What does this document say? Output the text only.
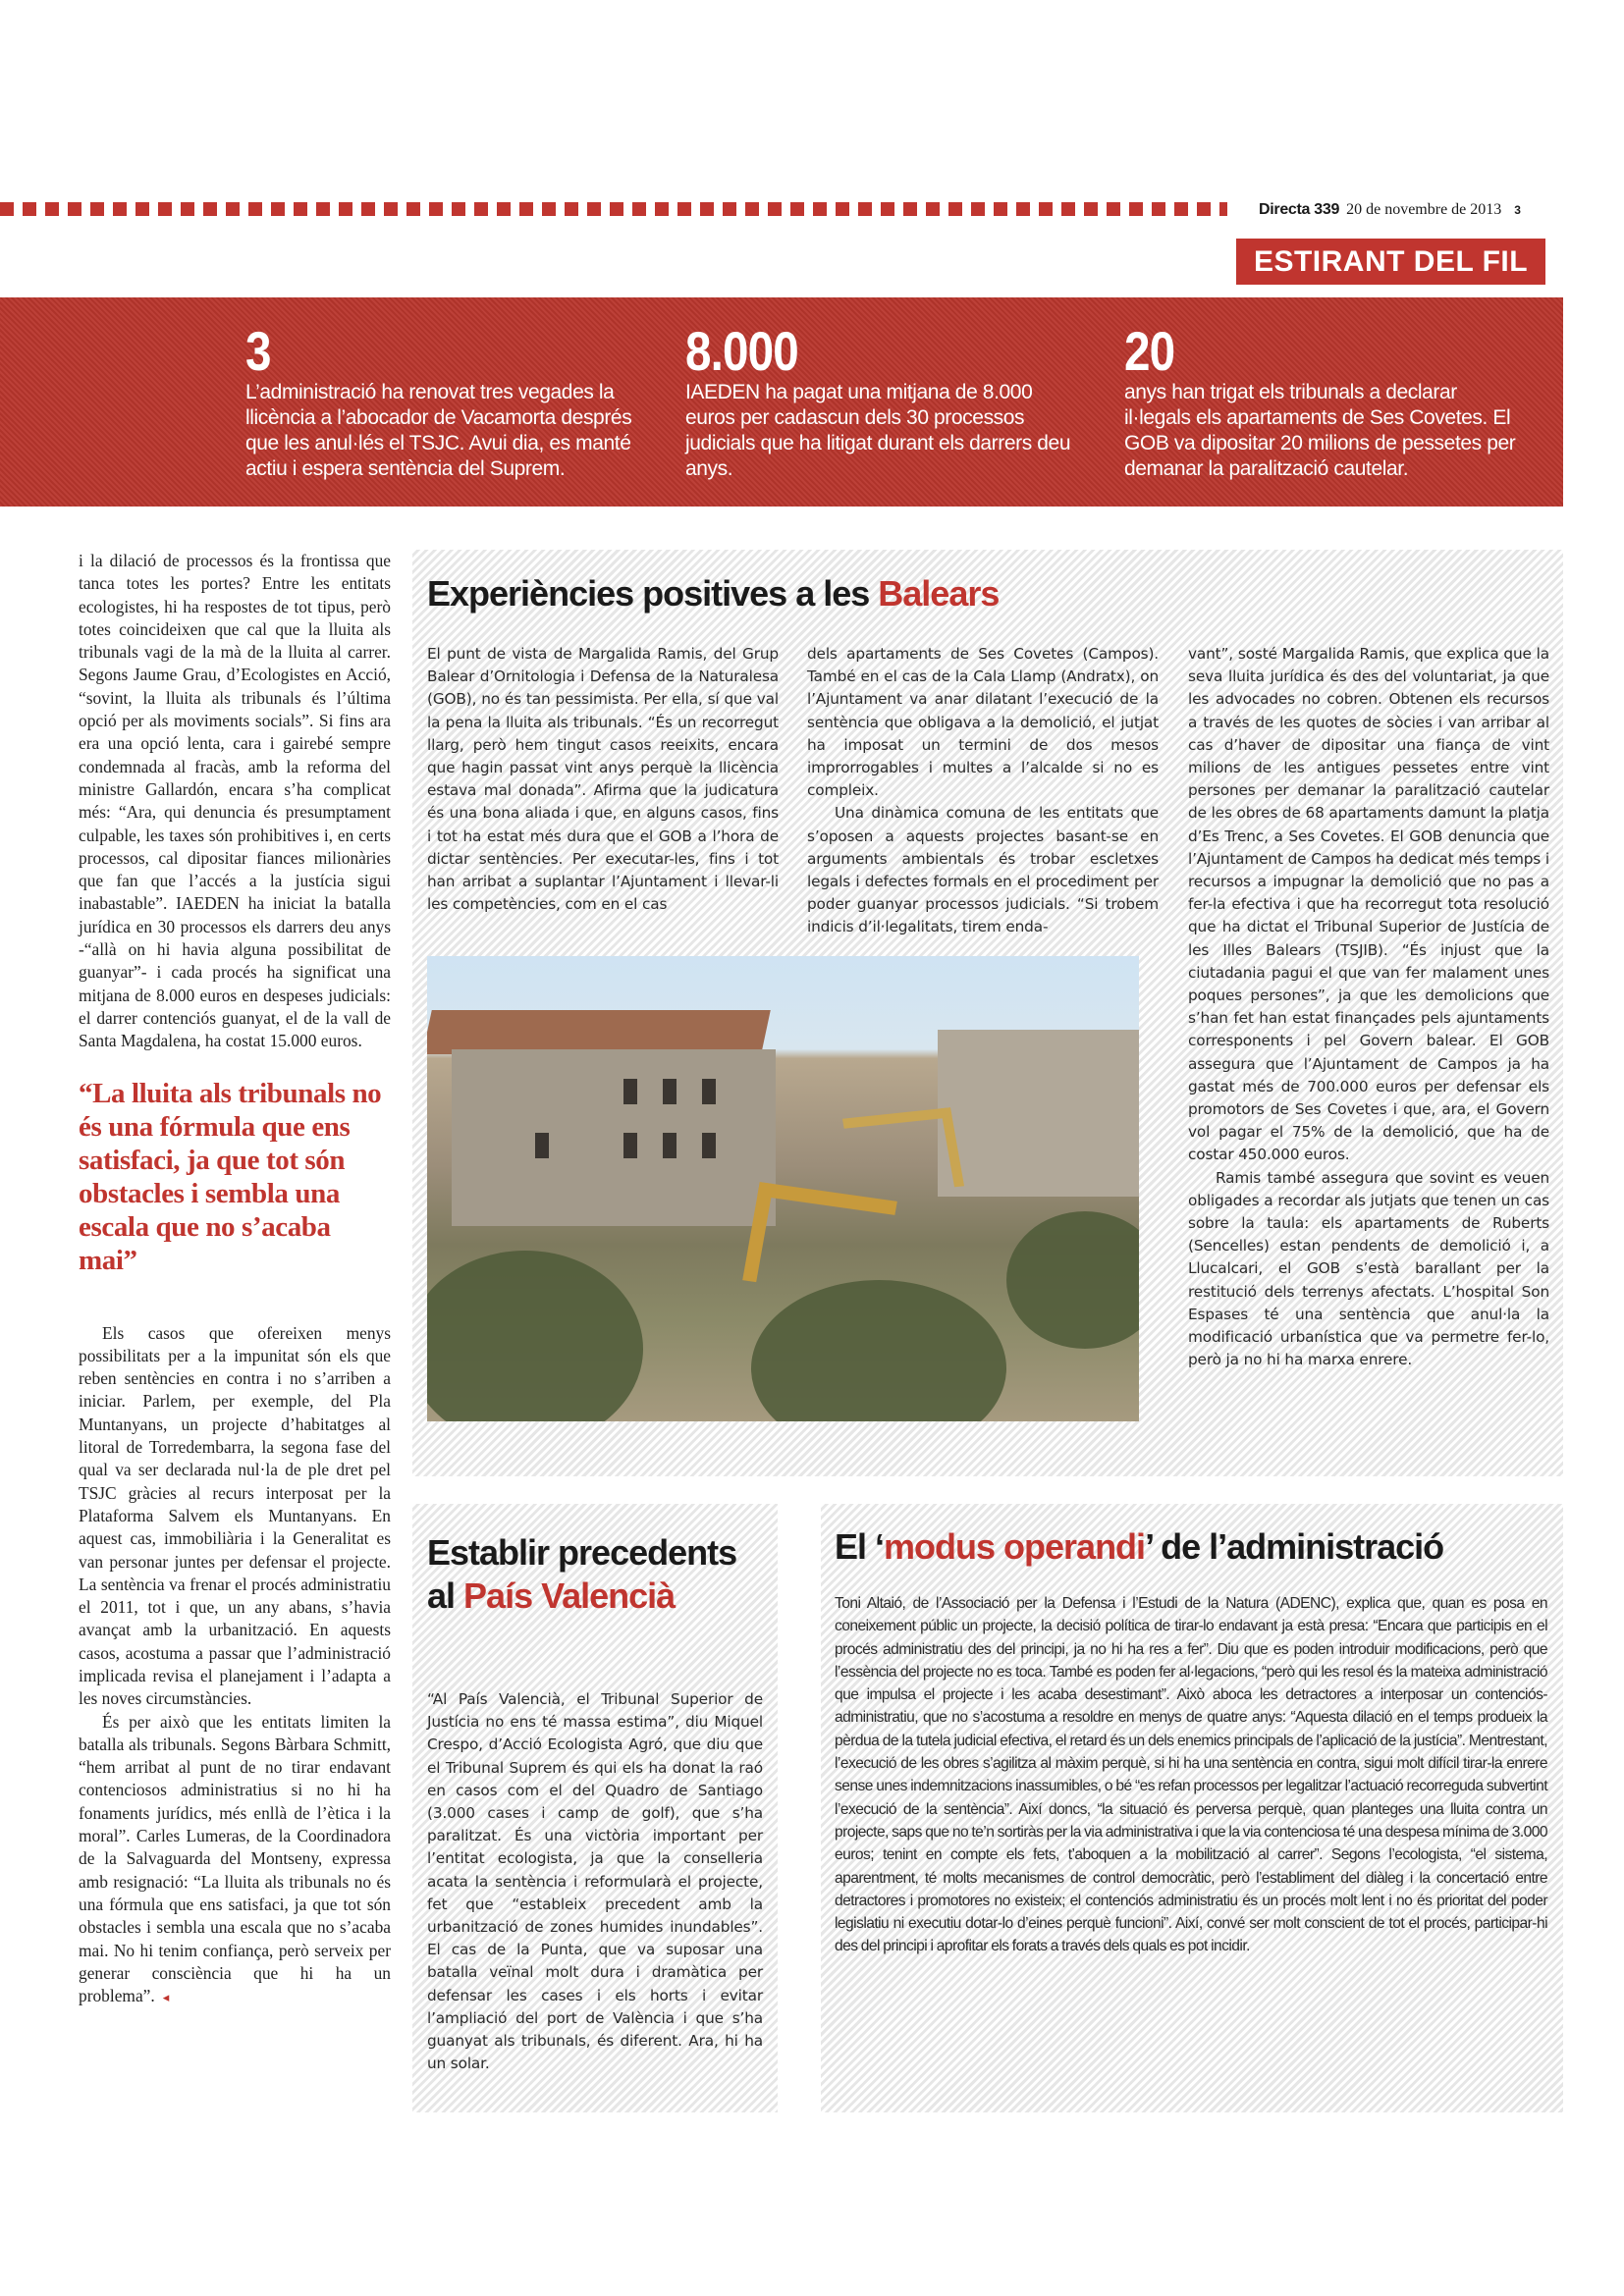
Directa 339 20 de novembre de 2013 3
ESTIRANT DEL FIL
3
L’administració ha renovat tres vegades la llicència a l’abocador de Vacamorta després que les anul·lés el TSJC. Avui dia, es manté actiu i espera sentència del Suprem.
8.000
IAEDEN ha pagat una mitjana de 8.000 euros per cadascun dels 30 processos judicials que ha litigat durant els darrers deu anys.
20
anys han trigat els tribunals a declarar il·legals els apartaments de Ses Covetes. El GOB va dipositar 20 milions de pessetes per demanar la paralització cautelar.

i la dilació de processos és la frontissa que tanca totes les portes? Entre les entitats ecologistes, hi ha respostes de tot tipus, però totes coincideixen que cal que la lluita als tribunals vagi de la mà de la lluita al carrer. Segons Jaume Grau, d’Ecologistes en Acció, “sovint, la lluita als tribunals és l’última opció per als moviments socials”. Si fins ara era una opció lenta, cara i gairebé sempre condemnada al fracàs, amb la reforma del ministre Gallardón, encara s’ha complicat més: “Ara, qui denuncia és presumptament culpable, les taxes són prohibitives i, en certs processos, cal dipositar fiances milionàries que fan que l’accés a la justícia sigui inabastable”. IAEDEN ha iniciat la batalla jurídica en 30 processos els darrers deu anys -“allà on hi havia alguna possibilitat de guanyar”- i cada procés ha significat una mitjana de 8.000 euros en despeses judicials: el darrer contenciós guanyat, el de la vall de Santa Magdalena, ha costat 15.000 euros.

“La lluita als tribunals no és una fórmula que ens satisfaci, ja que tot són obstacles i sembla una escala que no s’acaba mai”

Els casos que ofereixen menys possibilitats per a la impunitat són els que reben sentències en contra i no s’arriben a iniciar. Parlem, per exemple, del Pla Muntanyans, un projecte d’habitatges al litoral de Torredembarra, la segona fase del qual va ser declarada nul·la de ple dret pel TSJC gràcies al recurs interposat per la Plataforma Salvem els Muntanyans. En aquest cas, immobiliària i la Generalitat es van personar juntes per defensar el projecte. La sentència va frenar el procés administratiu el 2011, tot i que, un any abans, s’havia avançat amb la urbanització. En aquests casos, acostuma a passar que l’administració implicada revisa el planejament i l’adapta a les noves circumstàncies.

És per això que les entitats limiten la batalla als tribunals. Segons Bàrbara Schmitt, “hem arribat al punt de no tirar endavant contenciosos administratius si no hi ha fonaments jurídics, més enllà de l’ètica i la moral”. Carles Lumeras, de la Coordinadora de la Salvaguarda del Montseny, expressa amb resignació: “La lluita als tribunals no és una fórmula que ens satisfaci, ja que tot són obstacles i sembla una escala que no s’acaba mai. No hi tenim confiança, però serveix per generar consciència que hi ha un problema”. ◂

Experiències positives a les Balears

El punt de vista de Margalida Ramis, del Grup Balear d’Ornitologia i Defensa de la Naturalesa (GOB), no és tan pessimista. Per ella, sí que val la pena la lluita als tribunals. “És un recorregut llarg, però hem tingut casos reeixits, encara que hagin passat vint anys perquè la llicència estava mal donada”. Afirma que la judicatura és una bona aliada i que, en alguns casos, fins i tot ha estat més dura que el GOB a l’hora de dictar sentències. Per executar-les, fins i tot han arribat a suplantar l’Ajuntament i llevar-li les competències, com en el cas

dels apartaments de Ses Covetes (Campos). També en el cas de la Cala Llamp (Andratx), on l’Ajuntament va anar dilatant l’execució de la sentència que obligava a la demolició, el jutjat ha imposat un termini de dos mesos improrrogables i multes a l’alcalde si no es compleix.

Una dinàmica comuna de les entitats que s’oposen a aquests projectes basant-se en arguments ambientals és trobar escletxes legals i defectes formals en el procediment per poder guanyar processos judicials. “Si trobem indicis d’il·legalitats, tirem enda-

vant”, sosté Margalida Ramis, que explica que la seva lluita jurídica és des del voluntariat, ja que les advocades no cobren. Obtenen els recursos a través de les quotes de sòcies i van arribar al cas d’haver de dipositar una fiança de vint milions de les antigues pessetes entre vint persones per demanar la paralització cautelar de les obres de 68 apartaments damunt la platja d’Es Trenc, a Ses Covetes. El GOB denuncia que l’Ajuntament de Campos ha dedicat més temps i recursos a impugnar la demolició que no pas a fer-la efectiva i que ha recorregut tota resolució que ha dictat el Tribunal Superior de Justícia de les Illes Balears (TSJIB). “És injust que la ciutadania pagui el que van fer malament unes poques persones”, ja que les demolicions que s’han fet han estat finançades pels ajuntaments corresponents i pel Govern balear. El GOB assegura que l’Ajuntament de Campos ja ha gastat més de 700.000 euros per defensar els promotors de Ses Covetes i que, ara, el Govern vol pagar el 75% de la demolició, que ha de costar 450.000 euros.

Ramis també assegura que sovint es veuen obligades a recordar als jutjats que tenen un cas sobre la taula: els apartaments de Ruberts (Sencelles) estan pendents de demolició i, a Llucalcari, el GOB s’està barallant per la restitució dels terrenys afectats. L’hospital Son Espases té una sentència que anul·la la modificació urbanística que va permetre fer-lo, però ja no hi ha marxa enrere.

Establir precedents al País Valencià

“Al País Valencià, el Tribunal Superior de Justícia no ens té massa estima”, diu Miquel Crespo, d’Acció Ecologista Agró, que diu que el Tribunal Suprem és qui els ha donat la raó en casos com el del Quadro de Santiago (3.000 cases i camp de golf), que s’ha paralitzat. És una victòria important per l’entitat ecologista, ja que la conselleria acata la sentència i reformularà el projecte, fet que “estableix precedent amb la urbanització de zones humides inundables”. El cas de la Punta, que va suposar una batalla veïnal molt dura i dramàtica per defensar les cases i els horts i evitar l’ampliació del port de València i que s’ha guanyat als tribunals, és diferent. Ara, hi ha un solar.

El ‘modus operandi’ de l’administració

Toni Altaió, de l’Associació per la Defensa i l’Estudi de la Natura (ADENC), explica que, quan es posa en coneixement públic un projecte, la decisió política de tirar-lo endavant ja està presa: “Encara que participis en el procés administratiu des del principi, ja no hi ha res a fer”. Diu que es poden introduir modificacions, però que l’essència del projecte no es toca. També es poden fer al·legacions, “però qui les resol és la mateixa administració que impulsa el projecte i les acaba desestimant”. Això aboca les detractores a interposar un contenciós-administratiu, que no s’acostuma a resoldre en menys de quatre anys: “Aquesta dilació en el temps produeix la pèrdua de la tutela judicial efectiva, el retard és un dels enemics principals de l’aplicació de la justícia”. Mentrestant, l’execució de les obres s’agilitza al màxim perquè, si hi ha una sentència en contra, sigui molt difícil tirar-la enrere sense unes indemnitzacions inassumibles, o bé “es refan processos per legalitzar l’actuació recorreguda subvertint l’execució de la sentència”. Així doncs, “la situació és perversa perquè, quan planteges una lluita contra un projecte, saps que no te’n sortiràs per la via administrativa i que la via contenciosa té una despesa mínima de 3.000 euros; tenint en compte els fets, t’aboquen a la mobilització al carrer”. Segons l’ecologista, “el sistema, aparentment, té molts mecanismes de control democràtic, però l’establiment del diàleg i la concertació entre detractores i promotores no existeix; el contenciós administratiu és un procés molt lent i no és prioritat del poder legislatiu ni executiu dotar-lo d’eines perquè funcioni”. Així, convé ser molt conscient de tot el procés, participar-hi des del principi i aprofitar els forats a través dels quals es pot incidir.
